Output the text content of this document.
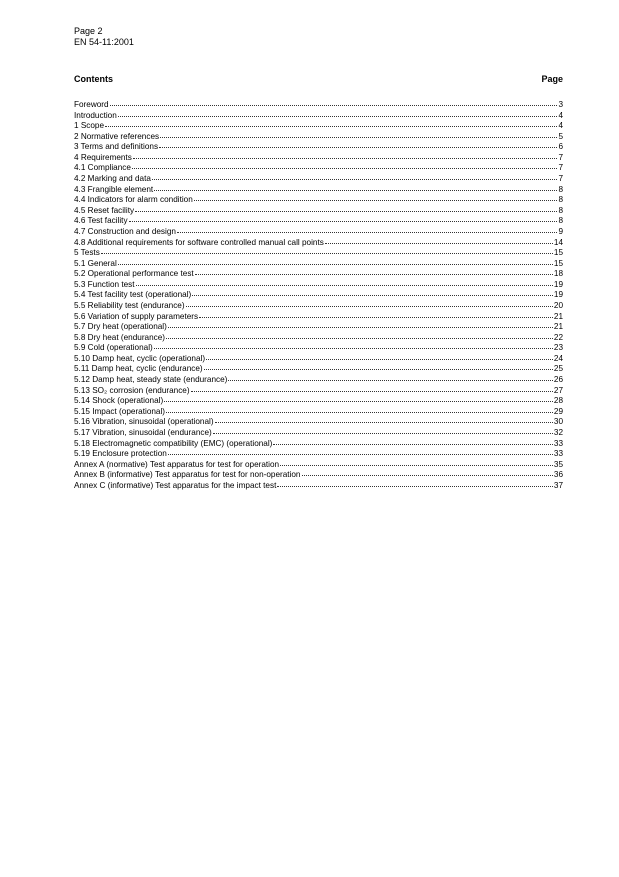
Page 2
EN 54-11:2001
Contents	Page
Foreword	3
Introduction	4
1 Scope	4
2 Normative references	5
3 Terms and definitions	6
4 Requirements	7
4.1 Compliance	7
4.2 Marking and data	7
4.3 Frangible element	8
4.4 Indicators for alarm condition	8
4.5 Reset facility	8
4.6 Test facility	8
4.7 Construction and design	9
4.8 Additional requirements for software controlled manual call points	14
5 Tests	15
5.1 General	15
5.2 Operational performance test	18
5.3 Function test	19
5.4 Test facility test (operational)	19
5.5 Reliability test (endurance)	20
5.6 Variation of supply parameters	21
5.7 Dry heat (operational)	21
5.8 Dry heat (endurance)	22
5.9 Cold (operational)	23
5.10 Damp heat, cyclic (operational)	24
5.11 Damp heat, cyclic (endurance)	25
5.12 Damp heat, steady state (endurance)	26
5.13 SO₂ corrosion (endurance)	27
5.14 Shock (operational)	28
5.15 Impact (operational)	29
5.16 Vibration, sinusoidal (operational)	30
5.17 Vibration, sinusoidal (endurance)	32
5.18 Electromagnetic compatibility (EMC) (operational)	33
5.19 Enclosure protection	33
Annex A (normative) Test apparatus for test for operation	35
Annex B (informative) Test apparatus for test for non-operation	36
Annex C (informative) Test apparatus for the impact test	37
